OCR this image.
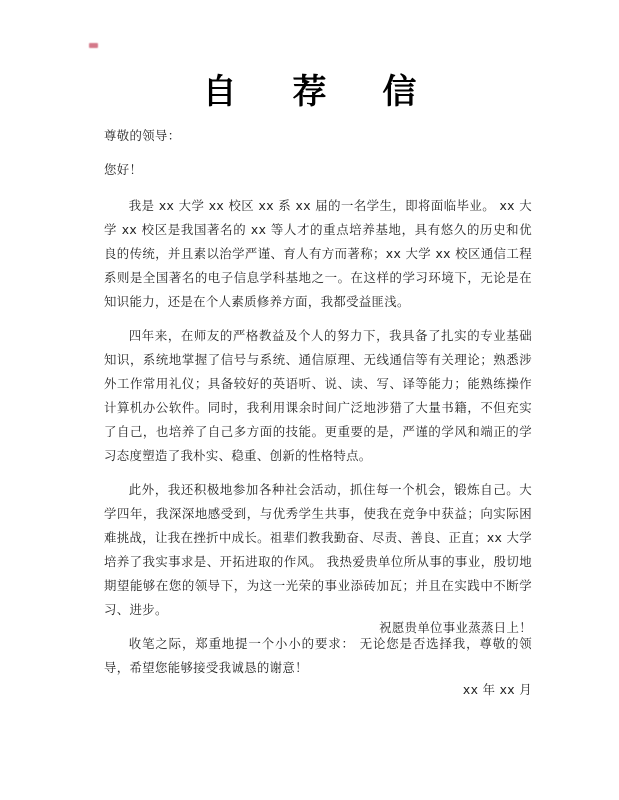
自 荐 信

尊敬的领导：

您好！

我是 xx 大学 xx 校区 xx 系 xx 届的一名学生，即将面临毕业。 xx 大学 xx 校区是我国著名的 xx 等人才的重点培养基地，具有悠久的历史和优良的传统，并且素以治学严谨、育人有方而著称；xx 大学 xx 校区通信工程系则是全国著名的电子信息学科基地之一。在这样的学习环境下，无论是在知识能力，还是在个人素质修养方面，我都受益匪浅。

四年来，在师友的严格教益及个人的努力下，我具备了扎实的专业基础知识，系统地掌握了信号与系统、通信原理、无线通信等有关理论；熟悉涉外工作常用礼仪；具备较好的英语听、说、读、写、译等能力；能熟练操作计算机办公软件。同时，我利用课余时间广泛地涉猎了大量书籍，不但充实了自己，也培养了自己多方面的技能。更重要的是，严谨的学风和端正的学习态度塑造了我朴实、稳重、创新的性格特点。

此外，我还积极地参加各种社会活动，抓住每一个机会，锻炼自己。大学四年，我深深地感受到，与优秀学生共事，使我在竞争中获益；向实际困难挑战，让我在挫折中成长。祖辈们教我勤奋、尽责、善良、正直；xx 大学培养了我实事求是、开拓进取的作风。 我热爱贵单位所从事的事业，殷切地期望能够在您的领导下，为这一光荣的事业添砖加瓦；并且在实践中不断学习、进步。

收笔之际，郑重地提一个小小的要求： 无论您是否选择我，尊敬的领导，希望您能够接受我诚恳的谢意！

祝愿贵单位事业蒸蒸日上！
xx 年 xx 月
